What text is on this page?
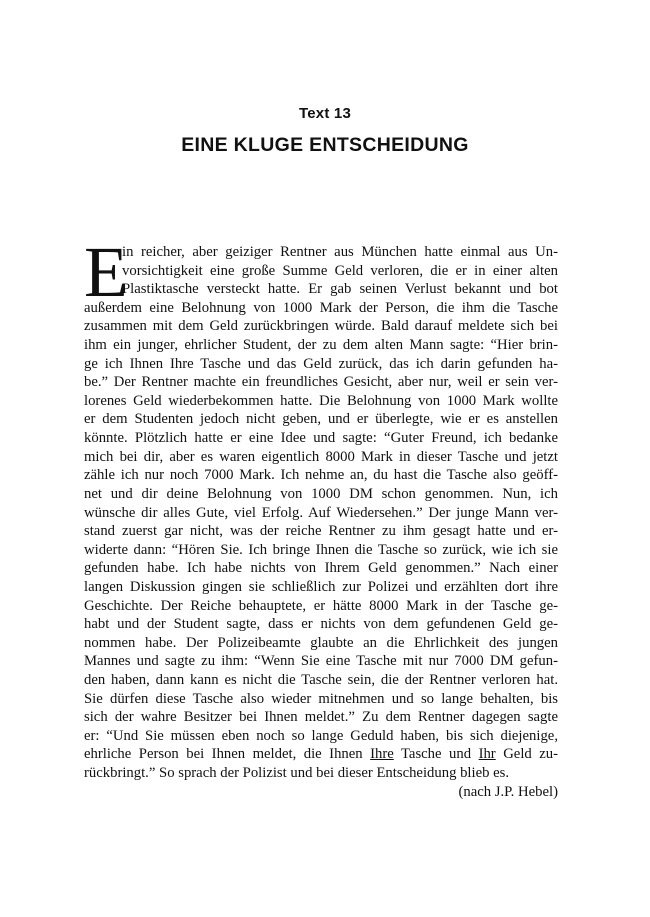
Text 13
EINE KLUGE ENTSCHEIDUNG
E
in reicher, aber geiziger Rentner aus München hatte einmal aus Un-
vorsichtigkeit eine große Summe Geld verloren, die er in einer alten
Plastiktasche versteckt hatte. Er gab seinen Verlust bekannt und bot
außerdem eine Belohnung von 1000 Mark der Person, die ihm die Tasche
zusammen mit dem Geld zurückbringen würde. Bald darauf meldete sich bei
ihm ein junger, ehrlicher Student, der zu dem alten Mann sagte: “Hier brin-
ge ich Ihnen Ihre Tasche und das Geld zurück, das ich darin gefunden ha-
be.” Der Rentner machte ein freundliches Gesicht, aber nur, weil er sein ver-
lorenes Geld wiederbekommen hatte. Die Belohnung von 1000 Mark wollte
er dem Studenten jedoch nicht geben, und er überlegte, wie er es anstellen
könnte. Plötzlich hatte er eine Idee und sagte: “Guter Freund, ich bedanke
mich bei dir, aber es waren eigentlich 8000 Mark in dieser Tasche und jetzt
zähle ich nur noch 7000 Mark. Ich nehme an, du hast die Tasche also geöff-
net und dir deine Belohnung von 1000 DM schon genommen. Nun, ich
wünsche dir alles Gute, viel Erfolg. Auf Wiedersehen.” Der junge Mann ver-
stand zuerst gar nicht, was der reiche Rentner zu ihm gesagt hatte und er-
widerte dann: “Hören Sie. Ich bringe Ihnen die Tasche so zurück, wie ich sie
gefunden habe. Ich habe nichts von Ihrem Geld genommen.” Nach einer
langen Diskussion gingen sie schließlich zur Polizei und erzählten dort ihre
Geschichte. Der Reiche behauptete, er hätte 8000 Mark in der Tasche ge-
habt und der Student sagte, dass er nichts von dem gefundenen Geld ge-
nommen habe. Der Polizeibeamte glaubte an die Ehrlichkeit des jungen
Mannes und sagte zu ihm: “Wenn Sie eine Tasche mit nur 7000 DM gefun-
den haben, dann kann es nicht die Tasche sein, die der Rentner verloren hat.
Sie dürfen diese Tasche also wieder mitnehmen und so lange behalten, bis
sich der wahre Besitzer bei Ihnen meldet.” Zu dem Rentner dagegen sagte
er: “Und Sie müssen eben noch so lange Geduld haben, bis sich diejenige,
ehrliche Person bei Ihnen meldet, die Ihnen Ihre Tasche und Ihr Geld zu-
rückbringt.” So sprach der Polizist und bei dieser Entscheidung blieb es.
(nach J.P. Hebel)
